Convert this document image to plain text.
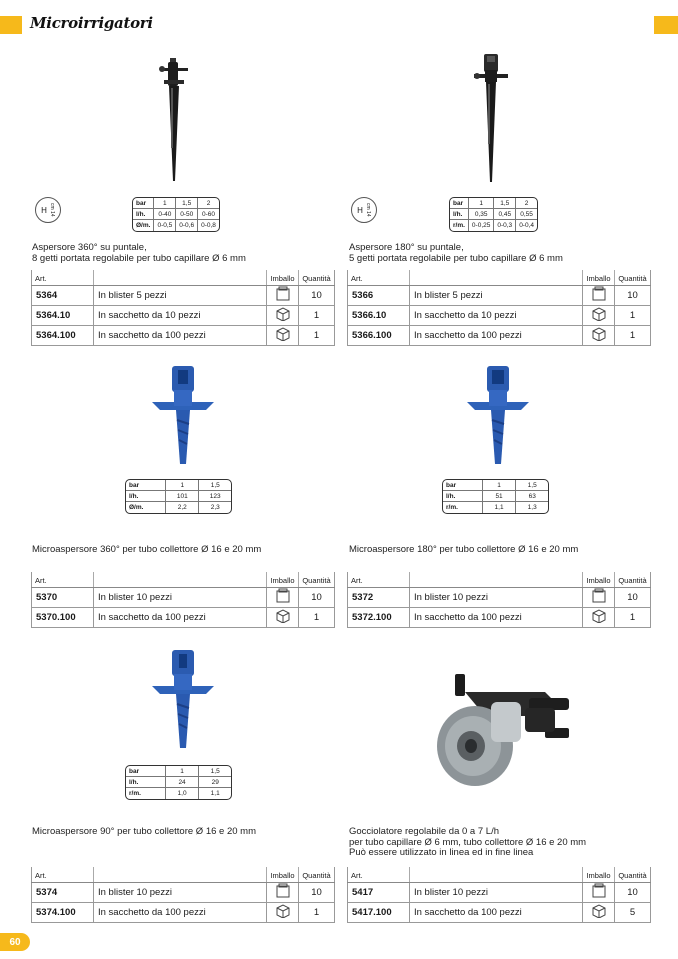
Microirrigatori
H cm 14
bar	1	1,5	2
l/h.	0-40	0-50	0-60
Ø/m.	0-0,5	0-0,6	0-0,8
Aspersore 360° su puntale,
8 getti portata regolabile per tubo capillare Ø 6 mm
Art.		Imballo	Quantità
5364	In blister 5 pezzi		10
5364.10	In sacchetto da 10 pezzi		1
5364.100	In sacchetto da 100 pezzi		1
H cm 14
bar	1	1,5	2
l/h.	0,35	0,45	0,55
r/m.	0-0,25	0-0,3	0-0,4
Aspersore 180° su puntale,
5 getti portata regolabile per tubo capillare Ø 6 mm
Art.		Imballo	Quantità
5366	In blister 5 pezzi		10
5366.10	In sacchetto da 10 pezzi		1
5366.100	In sacchetto da 100 pezzi		1
bar	1	1,5
l/h.	101	123
Ø/m.	2,2	2,3
Microaspersore 360° per tubo collettore Ø 16 e 20 mm
Art.		Imballo	Quantità
5370	In blister 10 pezzi		10
5370.100	In sacchetto da 100 pezzi		1
bar	1	1,5
l/h.	51	63
r/m.	1,1	1,3
Microaspersore 180° per tubo collettore Ø 16 e 20 mm
Art.		Imballo	Quantità
5372	In blister 10 pezzi		10
5372.100	In sacchetto da 100 pezzi		1
bar	1	1,5
l/h.	24	29
r/m.	1,0	1,1
Microaspersore 90° per tubo collettore Ø 16 e 20 mm
Art.		Imballo	Quantità
5374	In blister 10 pezzi		10
5374.100	In sacchetto da 100 pezzi		1
Gocciolatore regolabile da 0 a 7 L/h
per tubo capillare Ø 6 mm, tubo collettore Ø 16 e 20 mm
Può essere utilizzato in linea ed in fine linea
Art.		Imballo	Quantità
5417	In blister 10 pezzi		10
5417.100	In sacchetto da 100 pezzi		5
60
